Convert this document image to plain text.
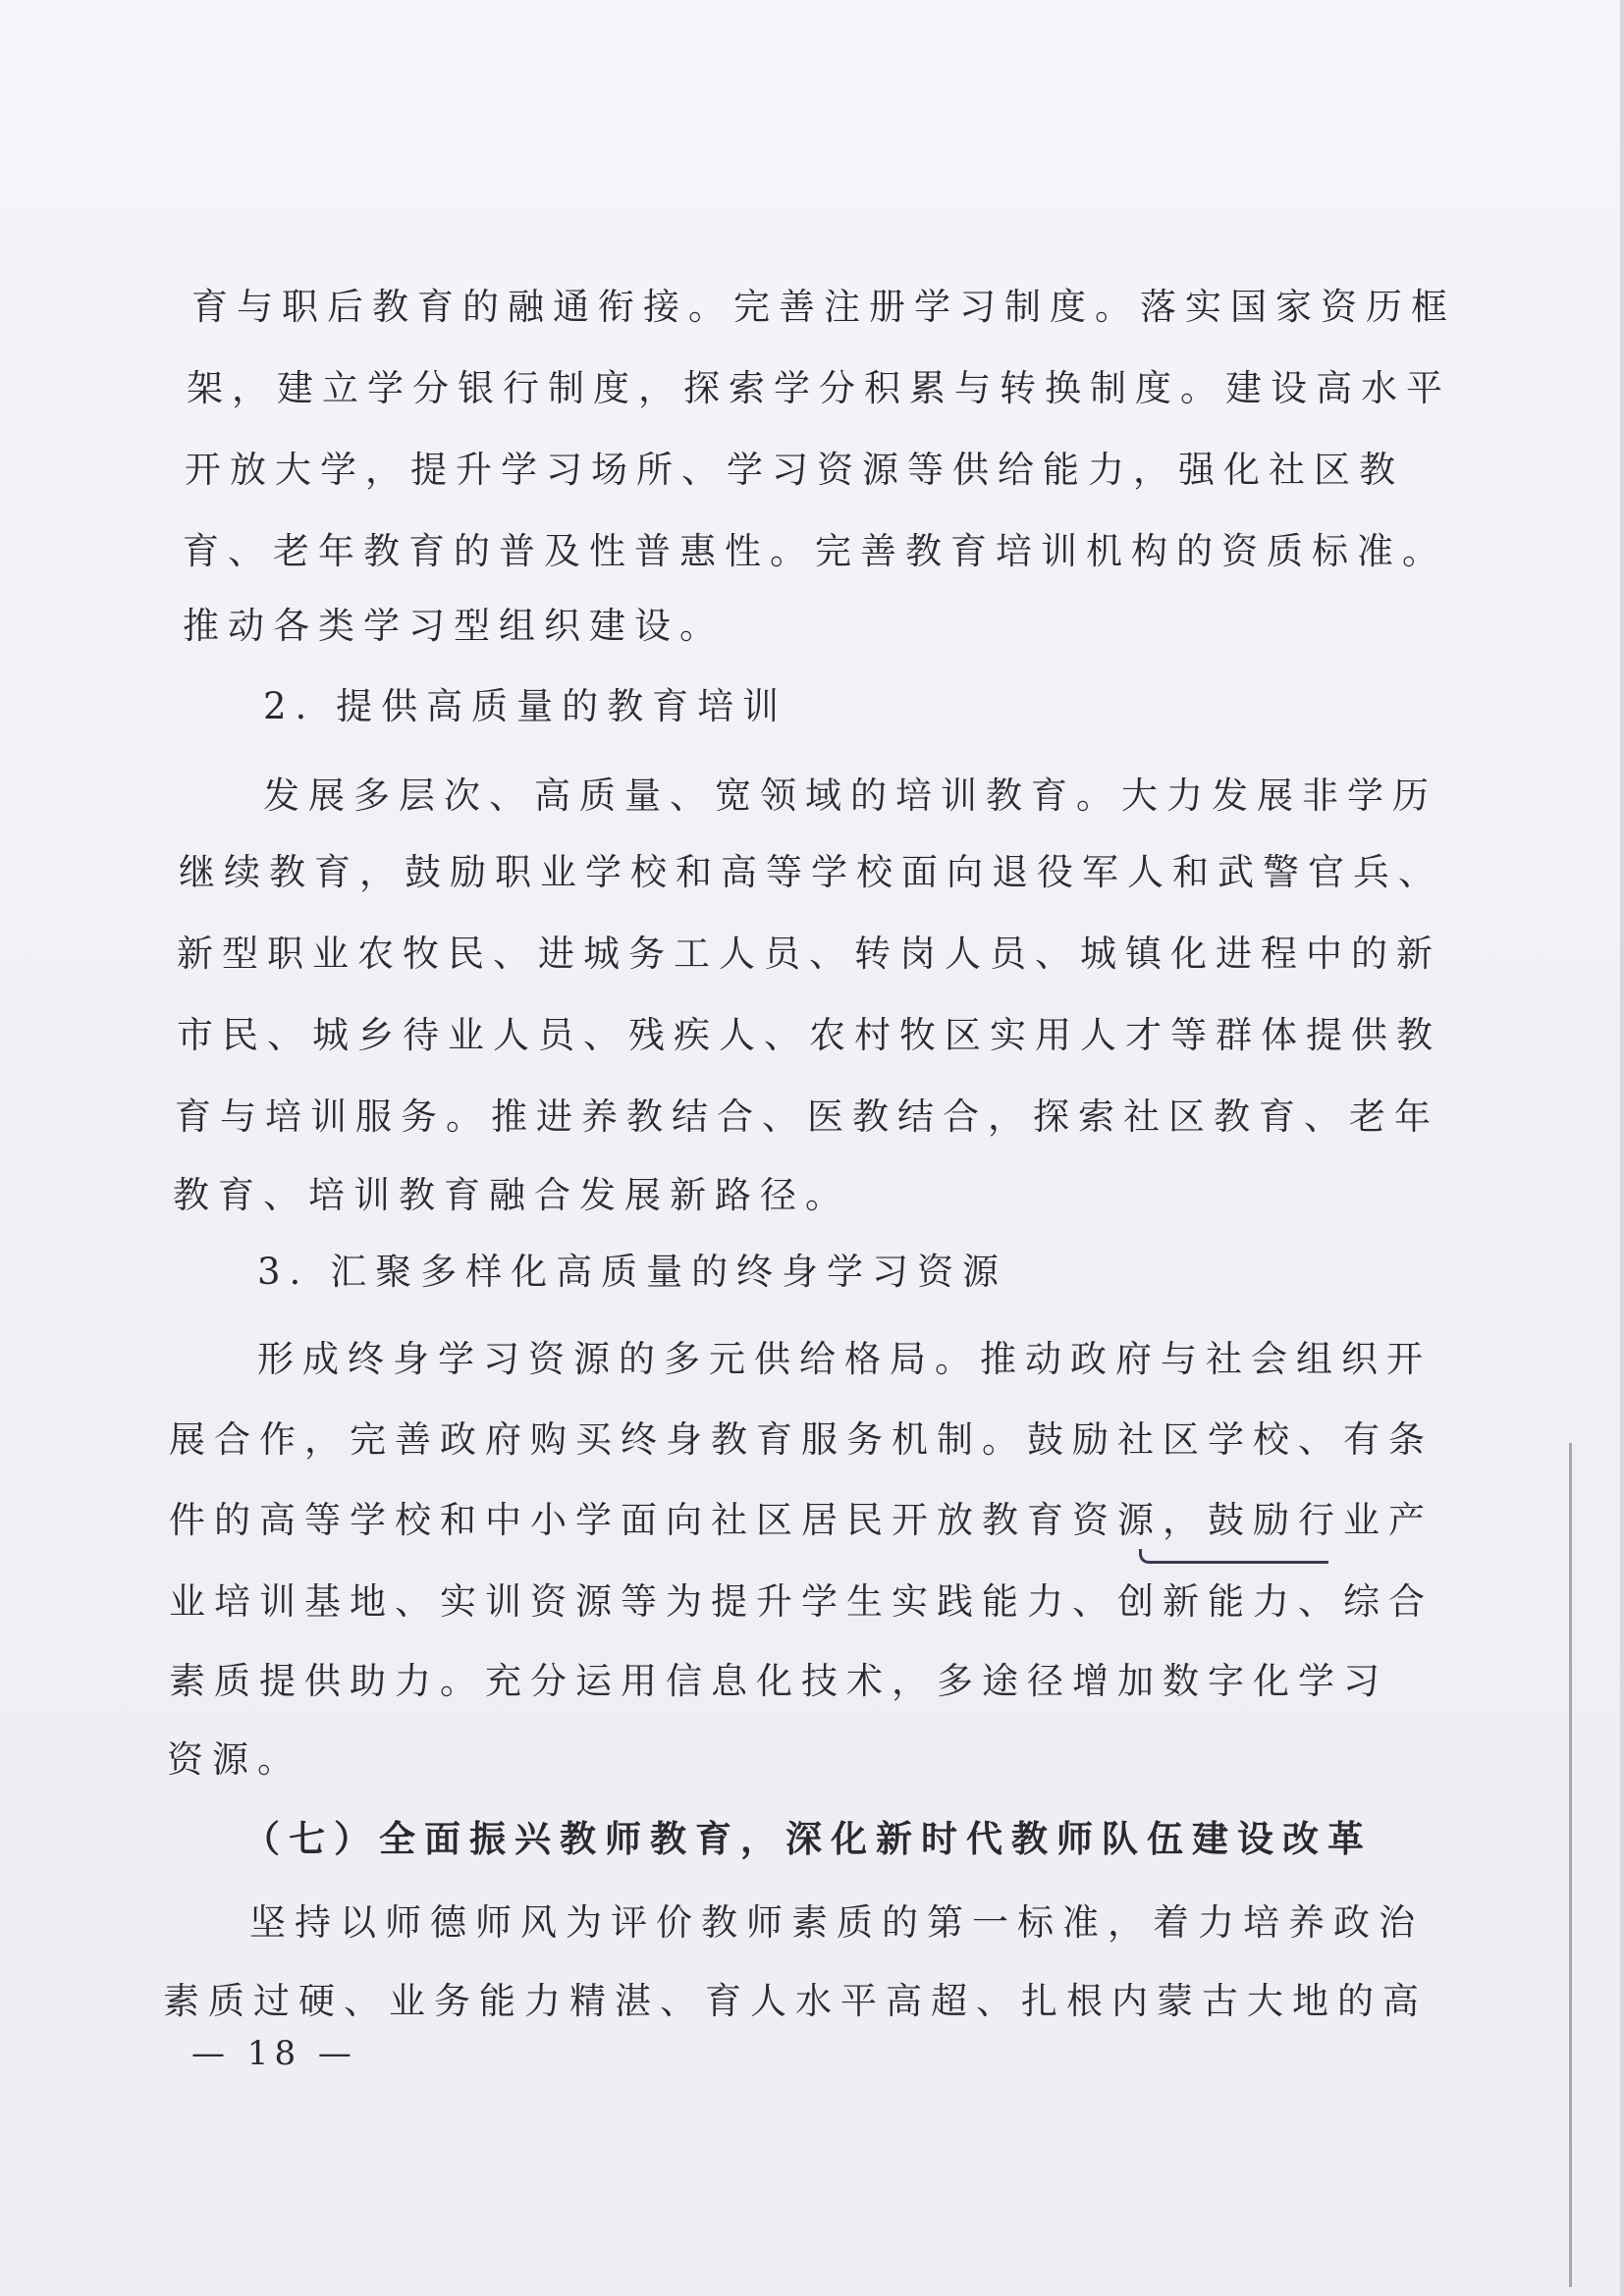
育与职后教育的融通衔接。完善注册学习制度。落实国家资历框
架，建立学分银行制度，探索学分积累与转换制度。建设高水平
开放大学，提升学习场所、学习资源等供给能力，强化社区教
育、老年教育的普及性普惠性。完善教育培训机构的资质标准。
推动各类学习型组织建设。
2. 提供高质量的教育培训
发展多层次、高质量、宽领域的培训教育。大力发展非学历
继续教育，鼓励职业学校和高等学校面向退役军人和武警官兵、
新型职业农牧民、进城务工人员、转岗人员、城镇化进程中的新
市民、城乡待业人员、残疾人、农村牧区实用人才等群体提供教
育与培训服务。推进养教结合、医教结合，探索社区教育、老年
教育、培训教育融合发展新路径。
3. 汇聚多样化高质量的终身学习资源
形成终身学习资源的多元供给格局。推动政府与社会组织开
展合作，完善政府购买终身教育服务机制。鼓励社区学校、有条
件的高等学校和中小学面向社区居民开放教育资源，鼓励行业产
业培训基地、实训资源等为提升学生实践能力、创新能力、综合
素质提供助力。充分运用信息化技术，多途径增加数字化学习
资源。
（七）全面振兴教师教育，深化新时代教师队伍建设改革
坚持以师德师风为评价教师素质的第一标准，着力培养政治
素质过硬、业务能力精湛、育人水平高超、扎根内蒙古大地的高
— 18 —
